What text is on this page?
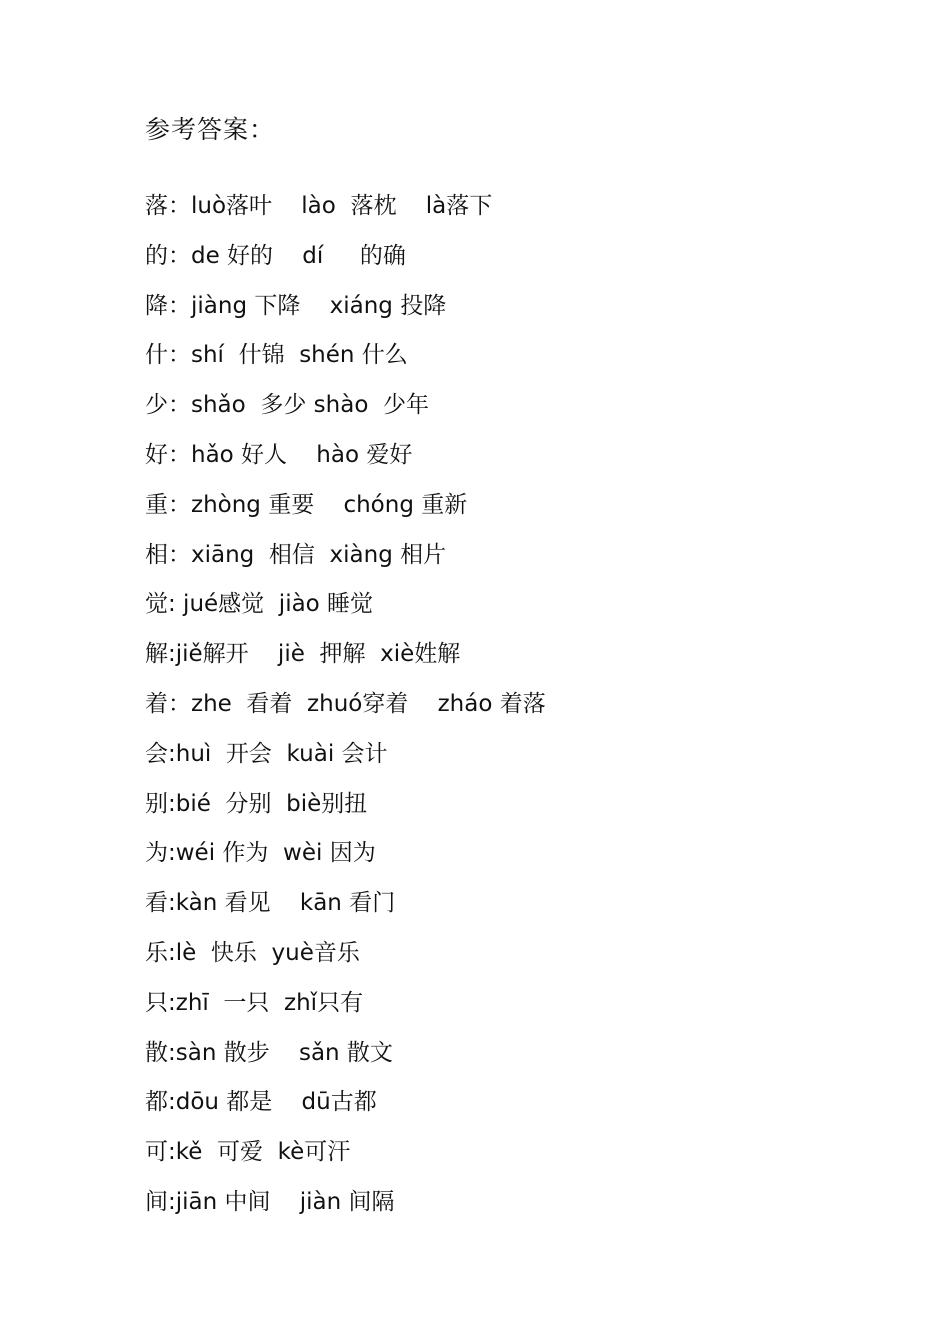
参考答案：
落：luò落叶    lào  落枕    là落下
的：de 好的    dí     的确
降：jiàng 下降    xiáng 投降
什：shí  什锦  shén 什么
少：shǎo  多少 shào  少年
好：hǎo 好人    hào 爱好
重：zhòng 重要    chóng 重新
相：xiāng  相信  xiàng 相片
觉: jué感觉  jiào 睡觉
解:jiě解开    jiè  押解  xiè姓解
着：zhe  看着  zhuó穿着    zháo 着落
会:huì  开会  kuài 会计
别:bié  分别  biè别扭
为:wéi 作为  wèi 因为
看:kàn 看见    kān 看门
乐:lè  快乐  yuè音乐
只:zhī  一只  zhǐ只有
散:sàn 散步    sǎn 散文
都:dōu 都是    dū古都
可:kě  可爱  kè可汗
间:jiān 中间    jiàn 间隔
